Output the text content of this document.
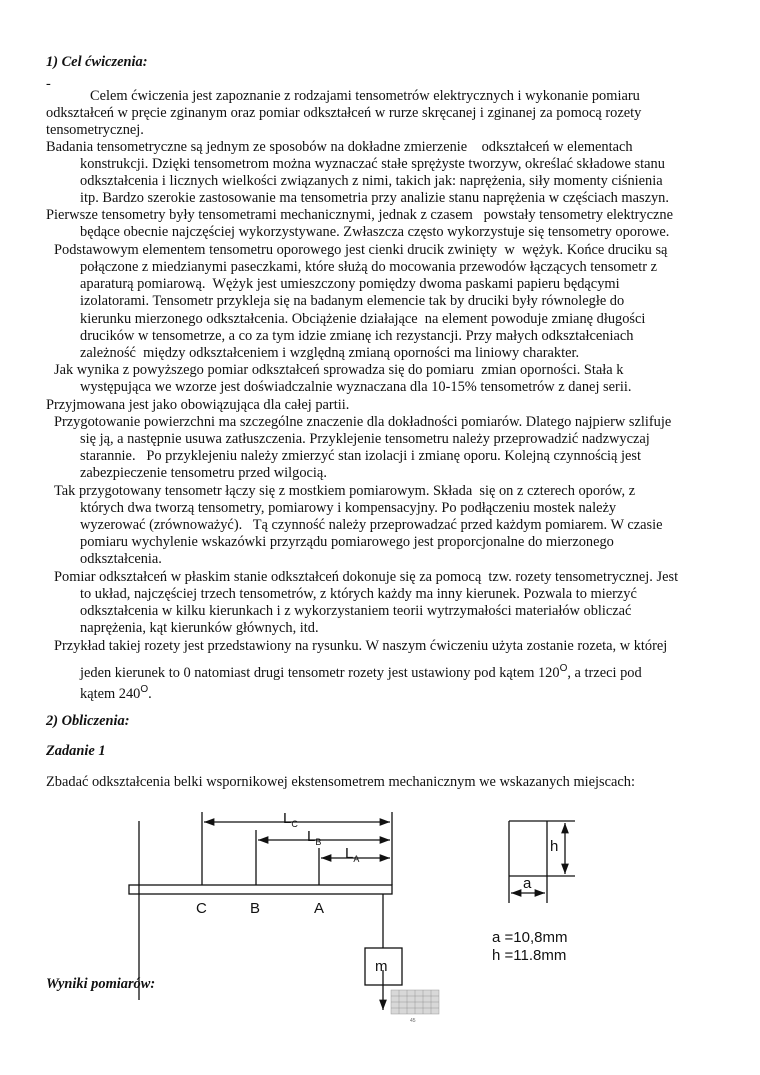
1) Cel ćwiczenia:
-
Celem ćwiczenia jest zapoznanie z rodzajami tensometrów elektrycznych i wykonanie pomiaru
odkształceń w pręcie zginanym oraz pomiar odkształceń w rurze skręcanej i zginanej za pomocą rozety
tensometrycznej.
Badania tensometryczne są jednym ze sposobów na dokładne zmierzenie    odkształceń w elementach
konstrukcji. Dzięki tensometrom można wyznaczać stałe sprężyste tworzyw, określać składowe stanu
odkształcenia i licznych wielkości związanych z nimi, takich jak: naprężenia, siły momenty ciśnienia
itp. Bardzo szerokie zastosowanie ma tensometria przy analizie stanu naprężenia w częściach maszyn.
Pierwsze tensometry były tensometrami mechanicznymi, jednak z czasem   powstały tensometry elektryczne
będące obecnie najczęściej wykorzystywane. Zwłaszcza często wykorzystuje się tensometry oporowe.
Podstawowym elementem tensometru oporowego jest cienki drucik zwinięty  w  wężyk. Końce druciku są
połączone z miedzianymi paseczkami, które służą do mocowania przewodów łączących tensometr z
aparaturą pomiarową.  Wężyk jest umieszczony pomiędzy dwoma paskami papieru będącymi
izolatorami. Tensometr przykleja się na badanym elemencie tak by druciki były równoległe do
kierunku mierzonego odkształcenia. Obciążenie działające  na element powoduje zmianę długości
drucików w tensometrze, a co za tym idzie zmianę ich rezystancji. Przy małych odkształceniach
zależność  między odkształceniem i względną zmianą oporności ma liniowy charakter.
Jak wynika z powyższego pomiar odkształceń sprowadza się do pomiaru  zmian oporności. Stała k
występująca we wzorze jest doświadczalnie wyznaczana dla 10-15% tensometrów z danej serii.
Przyjmowana jest jako obowiązująca dla całej partii.
Przygotowanie powierzchni ma szczególne znaczenie dla dokładności pomiarów. Dlatego najpierw szlifuje
się ją, a następnie usuwa zatłuszczenia. Przyklejenie tensometru należy przeprowadzić nadzwyczaj
starannie.   Po przyklejeniu należy zmierzyć stan izolacji i zmianę oporu. Kolejną czynnością jest
zabezpieczenie tensometru przed wilgocią.
Tak przygotowany tensometr łączy się z mostkiem pomiarowym. Składa  się on z czterech oporów, z
których dwa tworzą tensometry, pomiarowy i kompensacyjny. Po podłączeniu mostek należy
wyzerować (zrównoważyć).   Tą czynność należy przeprowadzać przed każdym pomiarem. W czasie
pomiaru wychylenie wskazówki przyrządu pomiarowego jest proporcjonalne do mierzonego
odkształcenia.
Pomiar odkształceń w płaskim stanie odkształceń dokonuje się za pomocą  tzw. rozety tensometrycznej. Jest
to układ, najczęściej trzech tensometrów, z których każdy ma inny kierunek. Pozwala to mierzyć
odkształcenia w kilku kierunkach i z wykorzystaniem teorii wytrzymałości materiałów obliczać
naprężenia, kąt kierunków głównych, itd.
Przykład takiej rozety jest przedstawiony na rysunku. W naszym ćwiczeniu użyta zostanie rozeta, w której
jeden kierunek to 0 natomiast drugi tensometr rozety jest ustawiony pod kątem $120^O$, a trzeci pod
kątem $240^O$.
2) Obliczenia:
Zadanie 1
Zbadać odkształcenia belki wspornikowej ekstensometrem mechanicznym we wskazanych miejscach:
$L_C$
$L_B$
$L_A$
C	B	A
m
h
a
a =10,8mm
h =11.8mm
45
Wyniki pomiarów:
